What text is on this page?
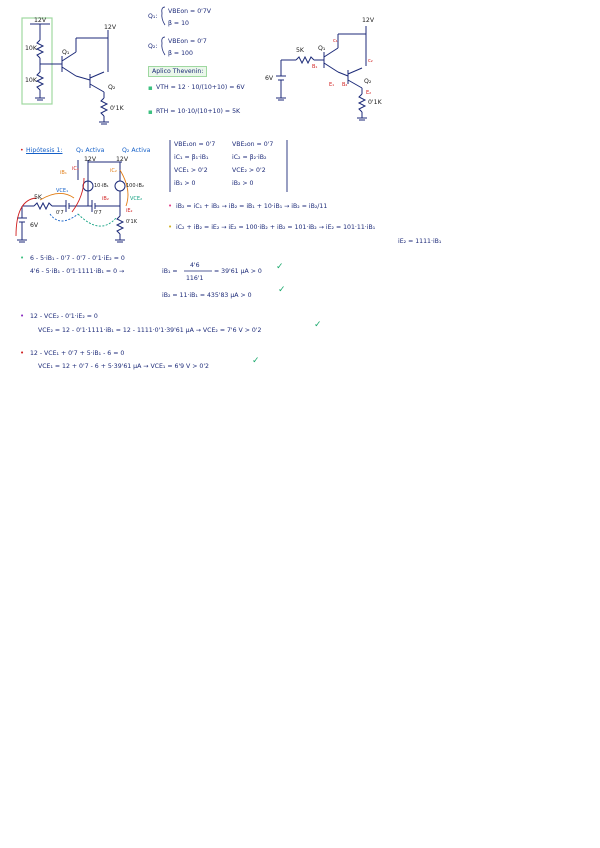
12V
12V
10K
10K
Q₁
Q₂
0'1K
Q₁:
VBEon = 0'7V
β = 10
Q₂:
VBEon = 0'7
β = 100
Aplico Thevenin:
▪ VTH = 12 · 10/(10+10) = 6V
▪ RTH = 10·10/(10+10) = 5K
12V
5K
6V
Q₁
Q₂
0'1K
c₁
c₂
B₁
E₁ B₂
E₂
• Hipótesis 1: Q₁ Activa	Q₂ Activa
VBE₁on = 0'7	VBE₂on = 0'7
iC₁ = β₁·iB₁	iC₂ = β₂·iB₂
VCE₁ > 0'2	VCE₂ > 0'2
iB₁ > 0	iB₂ > 0
12V	12V
5K
6V
10·iB₁	100·iB₂
0'1K
iB₁
iC₁	iC₂
iB₂
iE₂
VCE₁
VCE₂
0'7	0'7
• iB₂ = iC₁ + iB₂ → iB₂ = iB₁ + 10·iB₁ → iB₂ = iB₂/11
• iC₂ + iB₂ = iE₂ → iE₂ = 100·iB₂ + iB₂ = 101·iB₂ → iE₂ = 101·11·iB₁
iE₂ = 1111·iB₁
• 6 - 5·iB₁ - 0'7 - 0'7 - 0'1·iE₂ = 0
4'6 - 5·iB₁ - 0'1·1111·iB₁ = 0 →	iB₁ =
4'6
116'1
= 39'61 μA > 0 ✓
iB₂ = 11·iB₁ = 435'83 μA > 0
✓
• 12 - VCE₂ - 0'1·iE₂ = 0
VCE₂ = 12 - 0'1·1111·iB₁ = 12 - 1111·0'1·39'61 μA → VCE₂ = 7'6 V > 0'2
✓
• 12 - VCE₁ + 0'7 + 5·iB₁ - 6 = 0
VCE₁ = 12 + 0'7 - 6 + 5·39'61 μA → VCE₁ = 6'9 V > 0'2
✓
